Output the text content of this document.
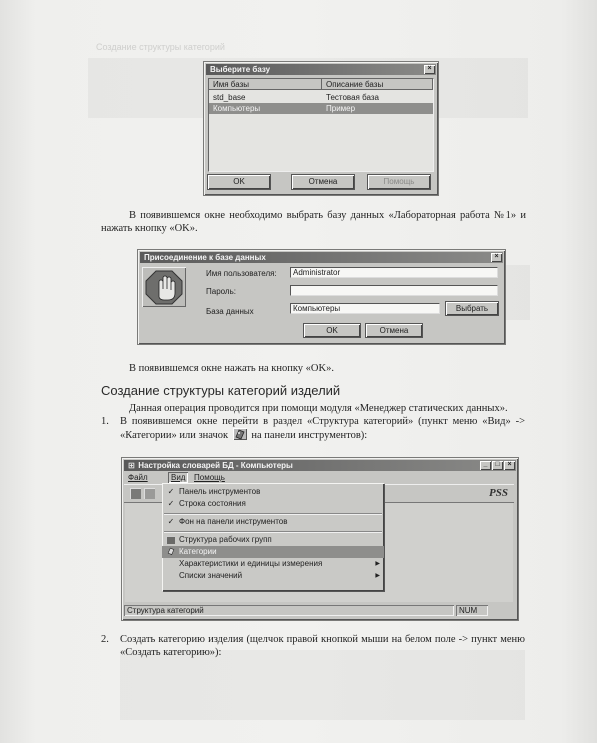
Создание структуры категорий
Выберите базу	×
Имя базы	Описание базы
std_base	Тестовая база
Компьютеры	Пример
OK	Отмена	Помощь
В появившемся окне необходимо выбрать базу данных «Лабораторная работа №1» и нажать кнопку «OK».
Присоединение к базе данных	×
Имя пользователя:	Administrator
Пароль:
База данных	Компьютеры	Выбрать
OK	Отмена
В появившемся окне нажать на кнопку «OK».
Создание структуры категорий изделий
Данная операция проводится при помощи модуля «Менеджер статических данных».
1.	В появившемся окне перейти в раздел «Структура категорий» (пункт меню «Вид» -> «Категории» или значок на панели инструментов):
⊞ Настройка словарей БД - Компьютеры	_	□	×
Файл	Вид	Помощь
PSS
Структура категорий	NUM
✓ Панель инструментов
✓ Строка состояния
✓ Фон на панели инструментов
Структура рабочих групп
Категории
Характеристики и единицы измерения	▶
Списки значений	▶
2.	Создать категорию изделия (щелчок правой кнопкой мыши на белом поле -> пункт меню «Создать категорию»):
